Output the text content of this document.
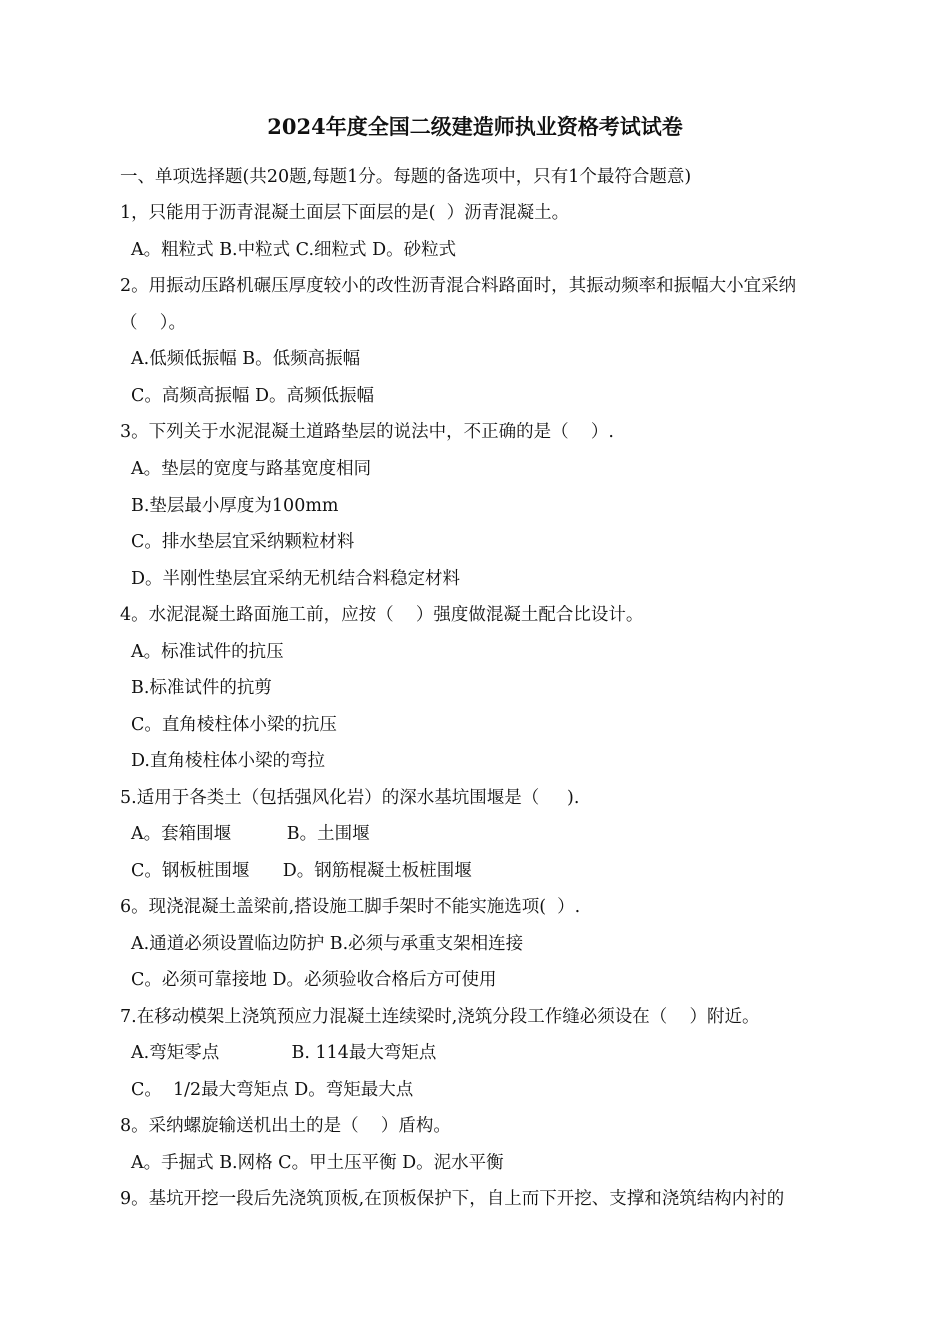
2024年度全国二级建造师执业资格考试试卷
一、单项选择题(共20题,每题1分。每题的备选项中，只有1个最符合题意)
1，只能用于沥青混凝土面层下面层的是(  ）沥青混凝土。
A。粗粒式 B.中粒式 C.细粒式 D。砂粒式
2。用振动压路机碾压厚度较小的改性沥青混合料路面时，其振动频率和振幅大小宜采纳
（    ）。
A.低频低振幅 B。低频高振幅
C。高频高振幅 D。高频低振幅
3。下列关于水泥混凝土道路垫层的说法中，不正确的是（    ）.
A。垫层的宽度与路基宽度相同
B.垫层最小厚度为100mm
C。排水垫层宜采纳颗粒材料
D。半刚性垫层宜采纳无机结合料稳定材料
4。水泥混凝土路面施工前，应按（    ）强度做混凝土配合比设计。
A。标准试件的抗压
B.标准试件的抗剪
C。直角棱柱体小梁的抗压
D.直角棱柱体小梁的弯拉
5.适用于各类土（包括强风化岩）的深水基坑围堰是（     ).
A。套箱围堰          B。土围堰
C。钢板桩围堰      D。钢筋棍凝土板桩围堰
6。现浇混凝土盖梁前,搭设施工脚手架时不能实施选项(  ）.
A.通道必须设置临边防护 B.必须与承重支架相连接
C。必须可靠接地 D。必须验收合格后方可使用
7.在移动模架上浇筑预应力混凝土连续梁时,浇筑分段工作缝必须设在（    ）附近。
A.弯矩零点             B. 114最大弯矩点
C。  1/2最大弯矩点 D。弯矩最大点
8。采纳螺旋输送机出土的是（    ）盾构。
A。手掘式 B.网格 C。甲土压平衡 D。泥水平衡
9。基坑开挖一段后先浇筑顶板,在顶板保护下，自上而下开挖、支撑和浇筑结构内衬的
